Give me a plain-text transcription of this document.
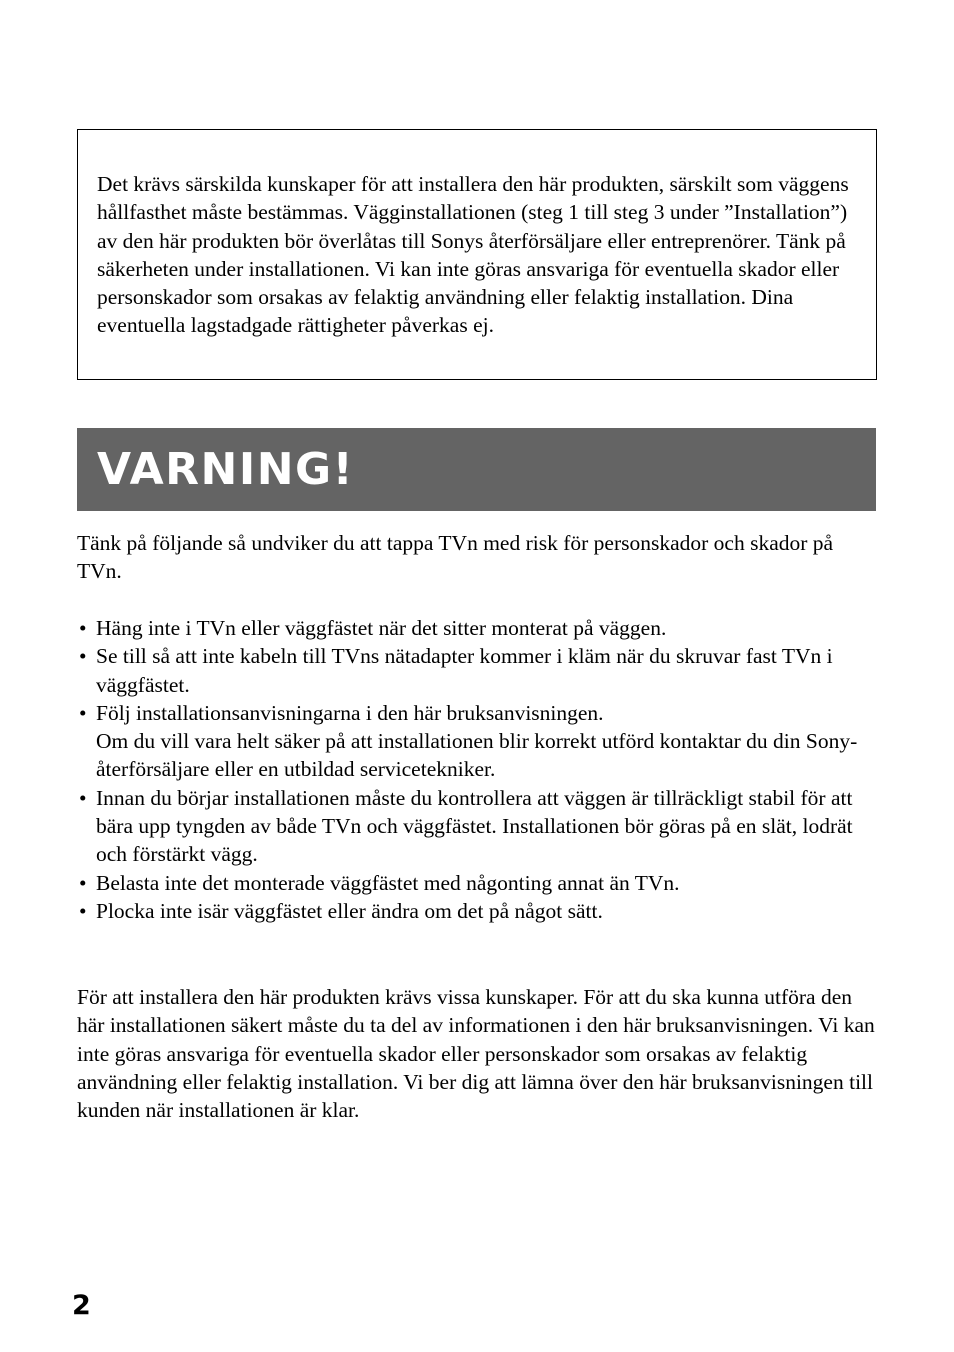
Det krävs särskilda kunskaper för att installera den här produkten, särskilt som väggens hållfasthet måste bestämmas. Vägginstallationen (steg 1 till steg 3 under ”Installation”) av den här produkten bör överlåtas till Sonys återförsäljare eller entreprenörer. Tänk på säkerheten under installationen. Vi kan inte göras ansvariga för eventuella skador eller personskador som orsakas av felaktig användning eller felaktig installation. Dina eventuella lagstadgade rättigheter påverkas ej.

VARNING!

Tänk på följande så undviker du att tappa TVn med risk för personskador och skador på TVn.

• Häng inte i TVn eller väggfästet när det sitter monterat på väggen.
• Se till så att inte kabeln till TVns nätadapter kommer i kläm när du skruvar fast TVn i väggfästet.
• Följ installationsanvisningarna i den här bruksanvisningen.
Om du vill vara helt säker på att installationen blir korrekt utförd kontaktar du din Sony-återförsäljare eller en utbildad servicetekniker.
• Innan du börjar installationen måste du kontrollera att väggen är tillräckligt stabil för att bära upp tyngden av både TVn och väggfästet. Installationen bör göras på en slät, lodrät och förstärkt vägg.
• Belasta inte det monterade väggfästet med någonting annat än TVn.
• Plocka inte isär väggfästet eller ändra om det på något sätt.

För att installera den här produkten krävs vissa kunskaper. För att du ska kunna utföra den här installationen säkert måste du ta del av informationen i den här bruksanvisningen. Vi kan inte göras ansvariga för eventuella skador eller personskador som orsakas av felaktig användning eller felaktig installation. Vi ber dig att lämna över den här bruksanvisningen till kunden när installationen är klar.

2
